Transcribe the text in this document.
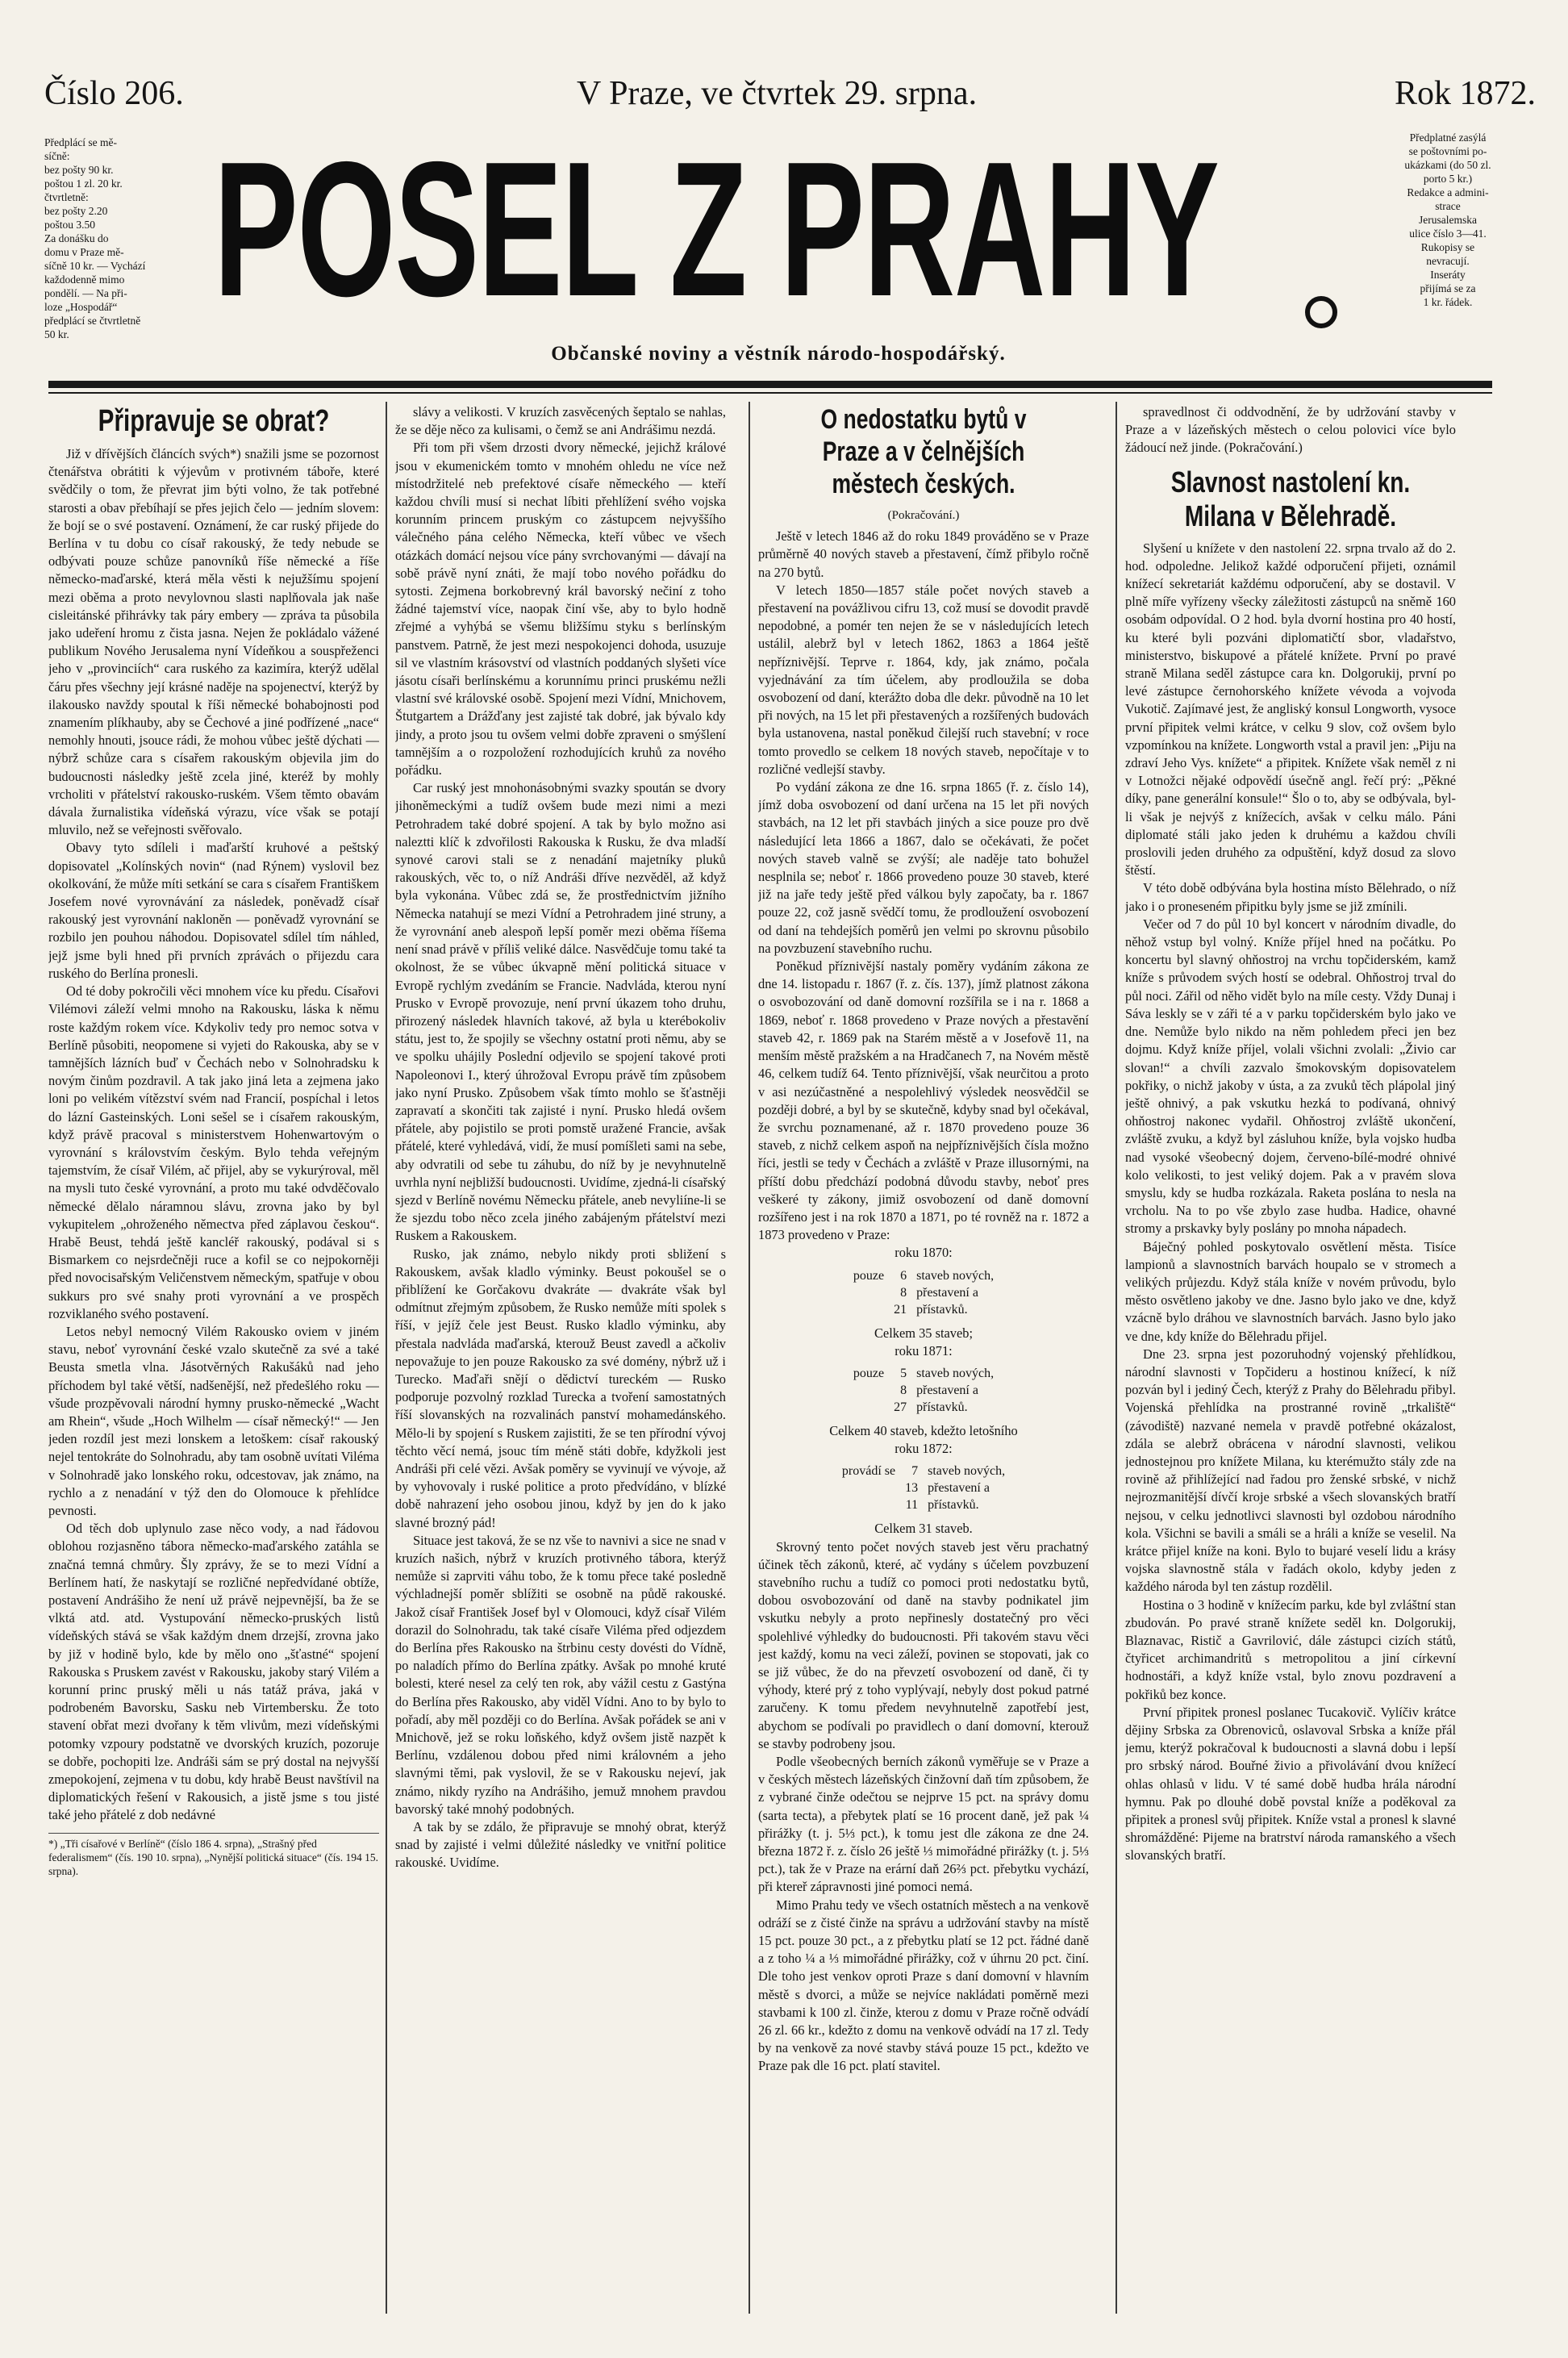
Číslo 206.	V Praze, ve čtvrtek 29. srpna.	Rok 1872.
Předplácí se mě-
síčně:
bez pošty 90 kr.
poštou 1 zl. 20 kr.
čtvrtletně:
bez pošty 2.20
poštou 3.50
Za donášku do
domu v Praze mě-
síčně 10 kr. — Vychází
každodenně mimo
pondělí. — Na při-
loze „Hospodář“
předplácí se čtvrtletně
50 kr.
Předplatné zasýlá
se poštovními po-
ukázkami (do 50 zl.
porto 5 kr.)
Redakce a admini-
strace
Jerusalemska
ulice číslo 3—41.
Rukopisy se
nevracují.
Inseráty
přijímá se za
1 kr. řádek.
POSEL Z PRAHY
Občanské noviny a věstník národo-hospodářský.
Připravuje se obrat?

Již v dřívějších článcích svých*) snažili jsme se pozornost čtenářstva obrátiti k výjevům v protivném táboře, které svědčily o tom, že převrat jim býti volno, že tak potřebné starosti a obav přebíhají se přes jejich čelo — jedním slovem: že bojí se o své postavení. Oznámení, že car ruský přijede do Berlína v tu dobu co císař rakouský, že tedy nebude se odbývati pouze schůze panovníků říše německé a říše německo-maďarské, která měla věsti k nejužšímu spojení mezi oběma a proto nevylovnou slasti naplňovala jak naše cisleitánské přihrávky tak páry embery — zpráva ta působila jako udeření hromu z čista jasna. Nejen že pokládalo vážené publikum Nového Jerusalema nyní Vídeňkou a souspřeženci jeho v „provinciích“ cara ruského za kazimíra, kterýž udělal čáru přes všechny její krásné naděje na spojenectví, kterýž by ilakousko navždy spoutal k říši německé bohabojnosti pod znamením plíkhauby, aby se Čechové a jiné podřízené „nace“ nemohly hnouti, jsouce rádi, že mohou vůbec ještě dýchati — nýbrž schůze cara s císařem rakouským objevila jim do budoucnosti následky ještě zcela jiné, kteréž by mohly vrcholiti v přátelství rakousko-ruském. Všem těmto obavám dávala žurnalistika vídeňská výrazu, více však se potají mluvilo, než se veřejnosti svěřovalo.

Obavy tyto sdíleli i maďarští kruhové a peštský dopisovatel „Kolínských novin“ (nad Rýnem) vyslovil bez okolkování, že může míti setkání se cara s císařem Františkem Josefem nové vyrovnávání za následek, poněvadž císař rakouský jest vyrovnání nakloněn — poněvadž vyrovnání se rozbilo jen pouhou náhodou. Dopisovatel sdílel tím náhled, jejž jsme byli hned při prvních zprávách o přijezdu cara ruského do Berlína pronesli.

Od té doby pokročili věci mnohem více ku předu. Císařovi Vilémovi záleží velmi mnoho na Rakousku, láska k němu roste každým rokem více. Kdykoliv tedy pro nemoc sotva v Berlíně působiti, neopomene si vyjeti do Rakouska, aby se v tamnějších lázních buď v Čechách nebo v Solnohradsku k novým činům pozdravil. A tak jako jiná leta a zejmena jako loni po velikém vítězství svém nad Francií, pospíchal i letos do lázní Gasteinských. Loni sešel se i císařem rakouským, když právě pracoval s ministerstvem Hohenwartovým o vyrovnání s královstvím českým. Bylo tehda veřejným tajemstvím, že císař Vilém, ač přijel, aby se vykurýroval, měl na mysli tuto české vyrovnání, a proto mu také odvděčovalo německé dělalo náramnou slávu, zrovna jako by byl vykupitelem „ohroženého němectva před záplavou českou“. Hrabě Beust, tehdá ještě kancléř rakouský, podával si s Bismarkem co nejsrdečněji ruce a kofil se co nejpokorněji před novocisařským Veličenstvem německým, spatřuje v obou sukkurs pro své snahy proti vyrovnání a ve prospěch rozviklaného svého postavení.

Letos nebyl nemocný Vilém Rakousko oviem v jiném stavu, neboť vyrovnání české vzalo skutečně za své a také Beusta smetla vlna. Jásotvěrných Rakušáků nad jeho příchodem byl také větší, nadšenější, než předešlého roku — všude prozpěvovali národní hymny prusko-německé „Wacht am Rhein“, všude „Hoch Wilhelm — císař německý!“ — Jen jeden rozdíl jest mezi lonskem a letoškem: císař rakouský nejel tentokráte do Solnohradu, aby tam osobně uvítati Viléma v Solnohradě jako lonského roku, odcestovav, jak známo, na rychlo a z nenadání v týž den do Olomouce k přehlídce pevnosti.

Od těch dob uplynulo zase něco vody, a nad řádovou oblohou rozjasněno tábora německo-maďarského zatáhla se značná temná chmůry. Šly zprávy, že se to mezi Vídní a Berlínem hatí, že naskytají se rozličné nepředvídané obtíže, postavení Andrášiho že není už právě nejpevnější, ba že se vlktá atd. atd. Vystupování německo-pruských listů vídeňských stává se však každým dnem drzejší, zrovna jako by již v hodině bylo, kde by mělo ono „šťastné“ spojení Rakouska s Pruskem zavést v Rakousku, jakoby starý Vilém a korunní princ pruský měli u nás tatáž práva, jaká v podrobeném Bavorsku, Sasku neb Virtembersku. Že toto stavení obřat mezi dvořany k těm vlivům, mezi vídeňskými potomky vzpoury podstatně ve dvorských kruzích, pozoruje se dobře, pochopiti lze. Andráši sám se prý dostal na nejvyšší zmepokojení, zejmena v tu dobu, kdy hrabě Beust navštívil na diplomatických řešení v Rakousich, a jistě jsme s tou jisté také jeho přátelé z dob nedávné

*) „Tři císařové v Berlíně“ (číslo 186 4. srpna), „Strašný před federalismem“ (čís. 190 10. srpna), „Nynější politická situace“ (čís. 194 15. srpna).

slávy a velikosti. V kruzích zasvěcených šeptalo se nahlas, že se děje něco za kulisami, o čemž se ani Andrášimu nezdá.

Při tom při všem drzosti dvory německé, jejichž králové jsou v ekumenickém tomto v mnohém ohledu ne více než místodržitelé neb prefektové císaře německého — kteří každou chvíli musí si nechat líbiti přehlížení svého vojska korunním princem pruským co zástupcem nejvyššího válečného pána celého Německa, kteří vůbec ve všech otázkách domácí nejsou více pány svrchovanými — dávají na sobě právě nyní znáti, že mají tobo nového pořádku do sytosti. Zejmena borkobrevný král bavorský nečiní z toho žádné tajemství více, naopak činí vše, aby to bylo hodně zřejmé a vyhýbá se všemu bližšímu styku s berlínským panstvem. Patrně, že jest mezi nespokojenci dohoda, usuzuje sil ve vlastním krásovství od vlastních poddaných slyšeti více jásotu císaři berlínskému a korunnímu princi pruskému nežli vlastní své královské osobě. Spojení mezi Vídní, Mnichovem, Štutgartem a Drážďany jest zajisté tak dobré, jak bývalo kdy jindy, a proto jsou tu ovšem velmi dobře zpraveni o smýšlení tamnějším a o rozpoložení rozhodujících kruhů za nového pořádku.

Car ruský jest mnohonásobnými svazky spoután se dvory jihoněmeckými a tudíž ovšem bude mezi nimi a mezi Petrohradem také dobré spojení. A tak by bylo možno asi naleztti klíč k zdvořilosti Rakouska k Rusku, že dva mladší synové carovi stali se z nenadání majetníky pluků rakouských, věc to, o níž Andráši dříve nezvěděl, až když byla vykonána. Vůbec zdá se, že prostřednictvím jižního Německa natahují se mezi Vídní a Petrohradem jiné struny, a že vyrovnání aneb alespoň lepší poměr mezi oběma říšema není snad právě v příliš veliké dálce. Nasvědčuje tomu také ta okolnost, že se vůbec úkvapně mění politická situace v Evropě rychlým zvedáním se Francie. Nadvláda, kterou nyní Prusko v Evropě provozuje, není první úkazem toho druhu, přirozený následek hlavních takové, až byla u kterébokoliv státu, jest to, že spojily se všechny ostatní proti němu, aby se ve spolku uhájily Poslední odjevilo se spojení takové proti Napoleonovi I., který úhrožoval Evropu právě tím způsobem jako nyní Prusko. Způsobem však tímto mohlo se šťastněji zapravatí a skončiti tak zajisté i nyní. Prusko hledá ovšem přátele, aby pojistilo se proti pomstě uražené Francie, avšak přátelé, které vyhledává, vidí, že musí pomíšleti sami na sebe, aby odvratili od sebe tu záhubu, do níž by je nevyhnutelně uvrhla nyní nejbližší budoucnosti. Uvidíme, zjedná-li císařský sjezd v Berlíně novému Německu přátele, aneb nevyliíne-li se že sjezdu tobo něco zcela jiného zabájeným přátelství mezi Ruskem a Rakouskem.

Rusko, jak známo, nebylo nikdy proti sbližení s Rakouskem, avšak kladlo výminky. Beust pokoušel se o přiblížení ke Gorčakovu dvakráte — dvakráte však byl odmítnut zřejmým způsobem, že Rusko nemůže míti spolek s říší, v jejíž čele jest Beust. Rusko kladlo výminku, aby přestala nadvláda maďarská, kterouž Beust zavedl a ačkoliv nepovažuje to jen pouze Rakousko za své domény, nýbrž už i Turecko. Maďaři snějí o dědictví tureckém — Rusko podporuje pozvolný rozklad Turecka a tvoření samostatných říší slovanských na rozvalinách panství mohamedánského. Mělo-li by spojení s Ruskem zajistiti, že se ten přírodní vývoj těchto věcí nemá, jsouc tím méně státi dobře, kdyžkoli jest Andráši při celé vězi. Avšak poměry se vyvinují ve vývoje, až by vyhovovaly i ruské politice a proto předvídáno, v blízké době nahrazení jeho osobou jinou, když by jen do k jako slavné brozný pád!

Situace jest taková, že se nz vše to navnivi a sice ne snad v kruzích našich, nýbrž v kruzích protivného tábora, kterýž nemůže si zaprviti váhu tobo, že k tomu přece také posledně výchladnejší poměr sblížiti se osobně na půdě rakouské. Jakož císař František Josef byl v Olomouci, když císař Vilém dorazil do Solnohradu, tak také císaře Viléma před odjezdem do Berlína přes Rakousko na štrbinu cesty dovésti do Vídně, po naladích přímo do Berlína zpátky. Avšak po mnohé kruté bolesti, které nesel za celý ten rok, aby vážil cestu z Gastýna do Berlína přes Rakousko, aby viděl Vídni. Ano to by bylo to pořadí, aby měl později co do Berlína. Avšak pořádek se ani v Mnichově, jež se roku loňského, když ovšem jistě nazpět k Berlínu, vzdálenou dobou před nimi královném a jeho slavnými těmi, pak vyslovil, že se v Rakousku nejeví, jak známo, nikdy ryzího na Andrášiho, jemuž mnohem pravdou bavorský také mnohý podobných.

A tak by se zdálo, že připravuje se mnohý obrat, kterýž snad by zajisté i velmi důležité následky ve vnitřní politice rakouské. Uvidíme.

O nedostatku bytů v Praze a v čelnějších městech českých.
(Pokračování.)

Ještě v letech 1846 až do roku 1849 prováděno se v Praze průměrně 40 nových staveb a přestavení, čímž přibylo ročně na 270 bytů.

V letech 1850—1857 stále počet nových staveb a přestavení na povážlivou cifru 13, což musí se dovodit pravdě nepodobné, a pomér ten nejen že se v následujících letech ustálil, alebrž byl v letech 1862, 1863 a 1864 ještě nepříznivější. Teprve r. 1864, kdy, jak známo, počala vyjednávání za tím účelem, aby prodloužila se doba osvobození od daní, kterážto doba dle dekr. původně na 10 let při nových, na 15 let při přestavených a rozšířených budovách byla ustanovena, nastal poněkud čilejší ruch stavební; v roce tomto provedlo se celkem 18 nových staveb, nepočítaje v to rozličné vedlejší stavby.

Po vydání zákona ze dne 16. srpna 1865 (ř. z. číslo 14), jímž doba osvobození od daní určena na 15 let při nových stavbách, na 12 let při stavbách jiných a sice pouze pro dvě následující leta 1866 a 1867, dalo se očekávati, že počet nových staveb valně se zvýší; ale naděje tato bohužel nesplnila se; neboť r. 1866 provedeno pouze 30 staveb, které již na jaře tedy ještě před válkou byly započaty, ba r. 1867 pouze 22, což jasně svědčí tomu, že prodloužení osvobození od daní na tehdejších poměrů jen velmi po skrovnu působilo na povzbuzení stavebního ruchu.

Poněkud příznivější nastaly poměry vydáním zákona ze dne 14. listopadu r. 1867 (ř. z. čís. 137), jímž platnost zákona o osvobozování od daně domovní rozšířila se i na r. 1868 a 1869, neboť r. 1868 provedeno v Praze nových a přestavění staveb 42, r. 1869 pak na Starém městě a v Josefově 11, na menším městě pražském a na Hradčanech 7, na Novém městě 46, celkem tudíž 64. Tento příznivější, však neurčitou a proto v asi nezúčastněné a nespolehlivý výsledek neosvědčil se později dobré, a byl by se skutečně, kdyby snad byl očekával, že svrchu poznamenané, až r. 1870 provedeno pouze 36 staveb, z nichž celkem aspoň na nejpříznivějších čísla možno říci, jestli se tedy v Čechách a zvláště v Praze illusornými, na příští dobu předchází podobná důvodu stavby, neboť pres veškeré ty zákony, jimiž osvobození od daně domovní rozšířeno jest i na rok 1870 a 1871, po té rovněž na r. 1872 a 1873 provedeno v Praze:

roku 1870:
pouze	6	staveb nových,
	8	přestavení a
	21	přístavků.
Celkem 35 staveb;
roku 1871:
pouze	5	staveb nových,
	8	přestavení a
	27	přístavků.
Celkem 40 staveb, kdežto letošního
roku 1872:
provádí se	7	staveb nových,
	13	přestavení a
	11	přístavků.
Celkem 31 staveb.

Skrovný tento počet nových staveb jest věru prachatný účinek těch zákonů, které, ač vydány s účelem povzbuzení stavebního ruchu a tudíž co pomoci proti nedostatku bytů, dobou osvobozování od daně na stavby podnikatel jim vskutku nebyly a proto nepřinesly dostatečný pro věci spolehlivé výhledky do budoucnosti. Při takovém stavu věci jest každý, komu na veci záleží, povinen se stopovati, jak co se již vůbec, že do na převzetí osvobození od daně, či ty výhody, které prý z toho vyplývají, nebyly dost pokud patrné zaručeny. K tomu předem nevyhnutelně zapotřebí jest, abychom se podívali po pravidlech o daní domovní, kterouž se stavby podrobeny jsou.

Podle všeobecných berních zákonů vyměřuje se v Praze a v českých městech lázeňských činžovní daň tím způsobem, že z vybrané činže odečtou se nejprve 15 pct. na správy domu (sarta tecta), a přebytek platí se 16 procent daně, jež pak ¼ přirážky (t. j. 5⅓ pct.), k tomu jest dle zákona ze dne 24. března 1872 ř. z. číslo 26 ještě ⅓ mimořádné přirážky (t. j. 5⅓ pct.), tak že v Praze na erární daň 26⅔ pct. přebytku vychází, při ktereř zápravnosti jiné pomoci nemá.

Mimo Prahu tedy ve všech ostatních městech a na venkově odráží se z čisté činže na správu a udržování stavby na místě 15 pct. pouze 30 pct., a z přebytku platí se 12 pct. řádné daně a z toho ¼ a ⅓ mimořádné přirážky, což v úhrnu 20 pct. činí. Dle toho jest venkov oproti Praze s daní domovní v hlavním městě s dvorci, a může se nejvíce nakládati poměrně mezi stavbami k 100 zl. činže, kterou z domu v Praze ročně odvádí 26 zl. 66 kr., kdežto z domu na venkově odvádí na 17 zl. Tedy by na venkově za nové stavby stává pouze 15 pct., kdežto ve Praze pak dle 16 pct. platí stavitel.

spravedlnost či oddvodnění, že by udržování stavby v Praze a v lázeňských městech o celou polovici více bylo žádoucí než jinde. (Pokračování.)

Slavnost nastolení kn. Milana v Bělehradě.

Slyšení u knížete v den nastolení 22. srpna trvalo až do 2. hod. odpoledne. Jelikož každé odporučení přijeti, oznámil knížecí sekretariát každému odporučení, aby se dostavil. V plně míře vyřízeny všecky záležitosti zástupců na sněmě 160 osobám odpovídal. O 2 hod. byla dvorní hostina pro 40 hostí, ku které byli pozváni diplomatičtí sbor, vladařstvo, ministerstvo, biskupové a přátelé knížete. První po pravé straně Milana seděl zástupce cara kn. Dolgorukij, první po levé zástupce černohorského knížete vévoda a vojvoda Vukotič. Zajímavé jest, že angliský konsul Longworth, vysoce první připitek velmi krátce, v celku 9 slov, což ovšem bylo vzpomínkou na knížete. Longworth vstal a pravil jen: „Piju na zdraví Jeho Vys. knížete“ a připitek. Knížete však neměl z ni v Lotnožci nějaké odpovědí úsečně angl. řečí prý: „Pěkné díky, pane generální konsule!“ Šlo o to, aby se odbývala, byl-li však je nejvýš z knížecích, avšak v celku málo. Páni diplomaté stáli jako jeden k druhému a každou chvíli proslovili jeden druhého za odpuštění, když dosud za slovo štěstí.

V této době odbývána byla hostina místo Bělehrado, o níž jako i o proneseném připitku byly jsme se již zmínili.

Večer od 7 do půl 10 byl koncert v národním divadle, do něhož vstup byl volný. Kníže příjel hned na počátku. Po koncertu byl slavný ohňostroj na vrchu topčiderském, kamž kníže s průvodem svých hostí se odebral. Ohňostroj trval do půl noci. Zářil od něho vidět bylo na míle cesty. Vždy Dunaj i Sáva leskly se v záři té a v parku topčiderském bylo jako ve dne. Nemůže bylo nikdo na něm pohledem přeci jen bez dojmu. Když kníže příjel, volali všichni zvolali: „Živio car slovan!“ a chvíli zazvalo šmokovským dopisovatelem pokřiky, o nichž jakoby v ústa, a za zvuků těch plápolal jiný ještě ohnivý, a pak vskutku hezká to podívaná, ohnivý ohňostroj nakonec vydařil. Ohňostroj zvláště ukončení, zvláště zvuku, a když byl zásluhou kníže, byla vojsko hudba nad vysoké všeobecný dojem, červeno-bílé-modré ohnivé kolo velikosti, to jest veliký dojem. Pak a v pravém slova smyslu, kdy se hudba rozkázala. Raketa poslána to nesla na vrcholu. Na to po vše zbylo zase hudba. Hadice, ohavné stromy a prskavky byly poslány po mnoha nápadech.

Báječný pohled poskytovalo osvětlení města. Tisíce lampionů a slavnostních barvách houpalo se v stromech a velikých průjezdu. Když stála kníže v novém průvodu, bylo město osvětleno jakoby ve dne. Jasno bylo jako ve dne, když vzácně bylo dráhou ve slavnostních barvách. Jasno bylo jako ve dne, kdy kníže do Bělehradu přijel.

Dne 23. srpna jest pozoruhodný vojenský přehlídkou, národní slavnosti v Topčideru a hostinou knížecí, k níž pozván byl i jediný Čech, kterýž z Prahy do Bělehradu přibyl. Vojenská přehlídka na prostranné rovině „trkaliště“ (závodiště) nazvané nemela v pravdě potřebné okázalost, zdála se alebrž obrácena v národní slavnosti, velikou jednostejnou pro knížete Milana, ku kterémužto stály zde na rovině až přihlížející nad řadou pro ženské srbské, v nichž nejrozmanitější dívčí kroje srbské a všech slovanských bratří nejsou, v celku jednotlivci slavnosti byl ozdobou národního kola. Všichni se bavili a smáli se a hráli a kníže se veselil. Na krátce přijel kníže na koni. Bylo to bujaré veselí lidu a krásy vojska slavnostně stála v řadách okolo, kdyby jeden z každého národa byl ten zástup rozdělil.

Hostina o 3 hodině v knížecím parku, kde byl zvláštní stan zbudován. Po pravé straně knížete seděl kn. Dolgorukij, Blaznavac, Ristič a Gavrilović, dále zástupci cizích států, čtyřicet archimandritů s metropolitou a jiní církevní hodnostáři, a když kníže vstal, bylo znovu pozdravení a pokřiků bez konce.

První připitek pronesl poslanec Tucakovič. Vylíčiv krátce dějiny Srbska za Obrenoviců, oslavoval Srbska a kníže přál jemu, kterýž pokračoval k budoucnosti a slavná dobu i lepší pro srbský národ. Bouřné živio a přivolávání dvou knížecí ohlas ohlasů v lidu. V té samé době hudba hrála národní hymnu. Pak po dlouhé době povstal kníže a poděkoval za připitek a pronesl svůj připitek. Kníže vstal a pronesl k slavné shromážděné: Pijeme na bratrství národa ramanského a všech slovanských bratří.
